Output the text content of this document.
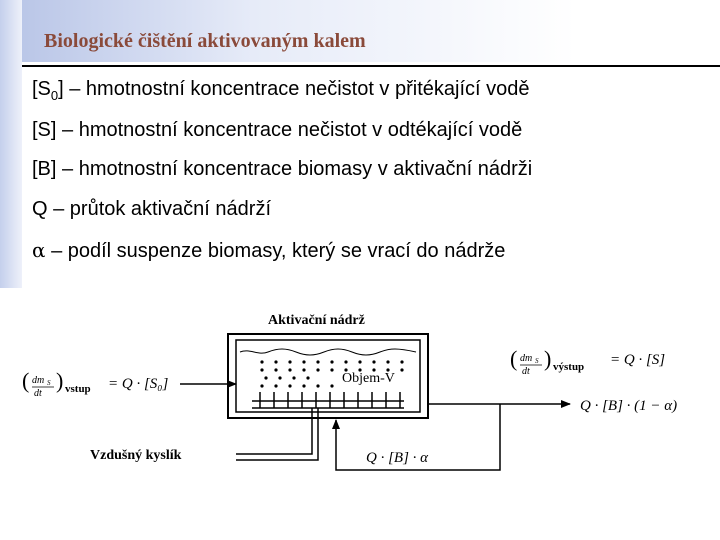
Biologické čištění aktivovaným kalem
$[S_0]$ – hmotnostní koncentrace nečistot v přitékající vodě
[S] – hmotnostní koncentrace nečistot v odtékající vodě
[B] – hmotnostní koncentrace biomasy v aktivační nádrži
Q – průtok aktivační nádrží
α – podíl suspenze biomasy, který se vrací do nádrže
Aktivační nádrž
Objem-V
( dm S
dt
) vstup = Q · [S₀]
( dm S
dt
) výstup = Q · [S]
Q · [B] · (1 − α)
Q · [B] · α
Vzdušný kyslík
